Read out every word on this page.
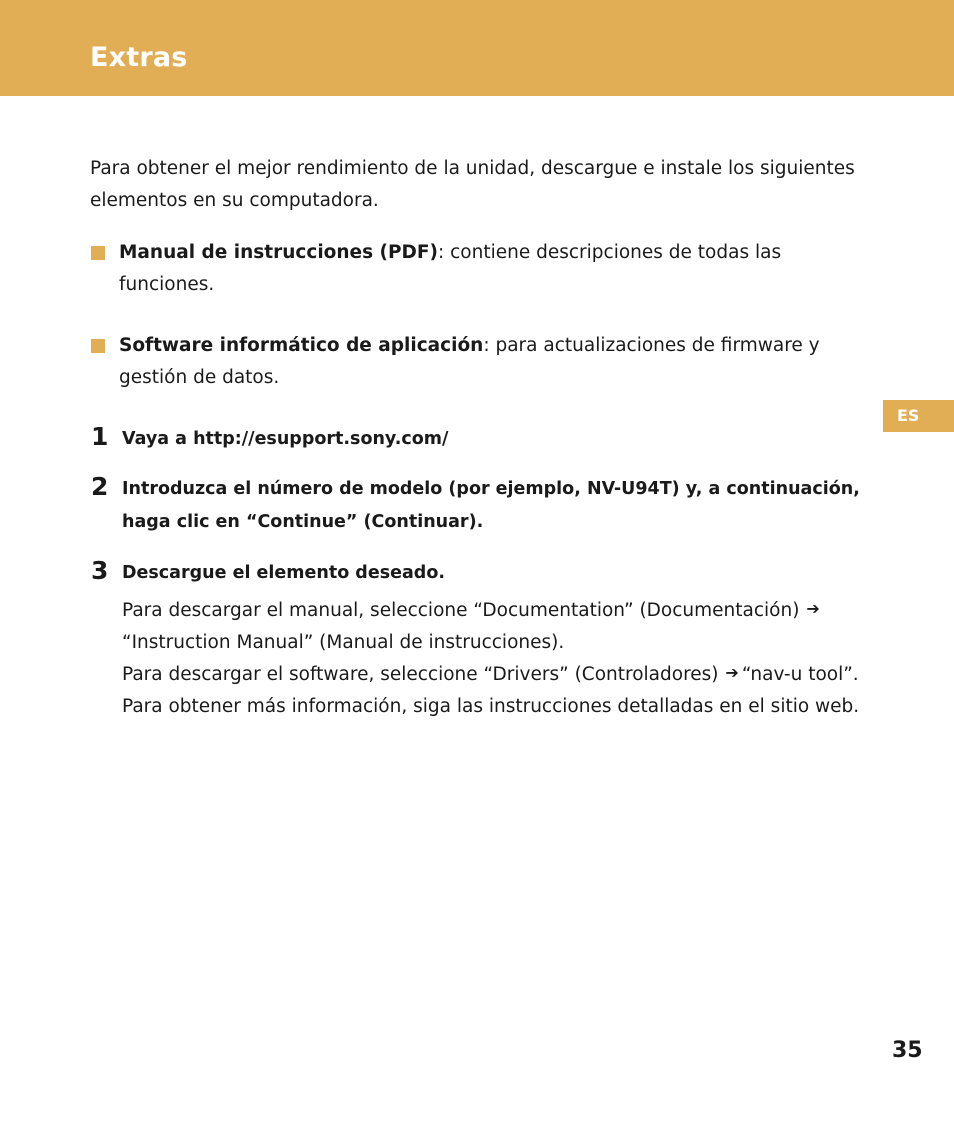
Extras
ES

Para obtener el mejor rendimiento de la unidad, descargue e instale los siguientes elementos en su computadora.

Manual de instrucciones (PDF): contiene descripciones de todas las funciones.
Software informático de aplicación: para actualizaciones de firmware y gestión de datos.
1 Vaya a http://esupport.sony.com/

2 Introduzca el número de modelo (por ejemplo, NV-U94T) y, a continuación, haga clic en “Continue” (Continuar).

3 Descargue el elemento deseado.

Para descargar el manual, seleccione “Documentation” (Documentación) ➔
“Instruction Manual” (Manual de instrucciones).
Para descargar el software, seleccione “Drivers” (Controladores) ➔ “nav-u tool”.
Para obtener más información, siga las instrucciones detalladas en el sitio web.

35
